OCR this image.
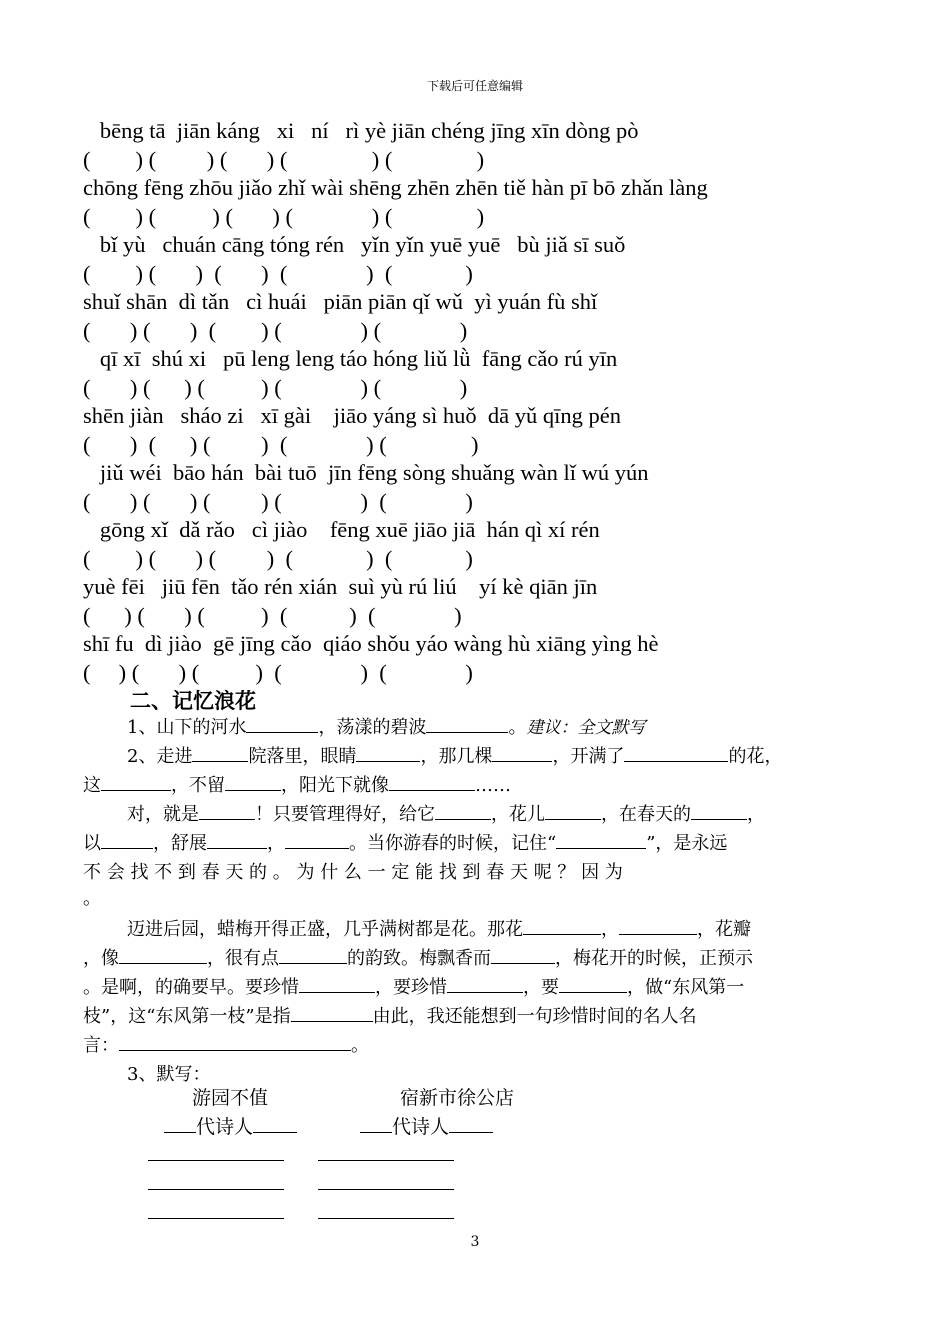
下载后可任意编辑
bēng tā  jiān káng   xi   ní   rì yè jiān chéng jīng xīn dòng pò
(        ) (         ) (       ) (               ) (               )
chōng fēng zhōu jiǎo zhǐ wài shēng zhēn zhēn tiě hàn pī bō zhǎn làng
(        ) (          ) (       ) (              ) (               )
bǐ yù   chuán cāng tóng rén   yǐn yǐn yuē yuē   bù jiǎ sī suǒ
(        ) (       )  (       )  (              )  (             )
shuǐ shān  dì tǎn   cì huái   piān piān qǐ wǔ  yì yuán fù shǐ
(       ) (       )  (        ) (              ) (              )
qī xī  shú xi   pū leng leng táo hóng liǔ lǜ  fāng cǎo rú yīn
(       ) (      ) (          ) (              ) (              )
shēn jiàn   sháo zi   xī gài    jiāo yáng sì huǒ  dā yǔ qīng pén
(       )  (      ) (         )  (              ) (               )
jiǔ wéi  bāo hán  bài tuō  jīn fēng sòng shuǎng wàn lǐ wú yún
(       ) (       ) (         ) (              )  (              )
gōng xǐ  dǎ rǎo   cì jiào    fēng xuē jiāo jiā  hán qì xí rén
(        ) (       ) (         )  (             )  (             )
yuè fēi   jiū fēn  tǎo rén xián  suì yù rú liú    yí kè qiān jīn
(      ) (       ) (          )  (           )  (              )
shī fu  dì jiào  gē jīng cǎo  qiáo shǒu yáo wàng hù xiāng yìng hè
(     ) (       ) (          )  (              )  (              )
二、记忆浪花
1、山下的河水	，荡漾的碧波	。建议：全文默写
2、走进	院落里，眼睛	，那几棵	，开满了	的花，
这	，不留	，阳光下就像	……
对，就是	！只要管理得好，给它	，花儿	，在春天的	，
以	，舒展	，	。当你游春的时候，记住“	”，是永远
不 会 找 不 到 春 天 的 。 为 什 么 一 定 能 找 到 春 天 呢 ？ 因 为
。
迈进后园，蜡梅开得正盛，几乎满树都是花。那花	，	，花瓣
，像	，很有点	的韵致。梅飘香而	，梅花开的时候，正预示
。是啊，的确要早。要珍惜	，要珍惜	，要	，做“东风第一
枝”，这“东风第一枝”是指	由此，我还能想到一句珍惜时间的名人名
言：	。
3、默写：
游园不值	宿新市徐公店
代诗人	代诗人
3
